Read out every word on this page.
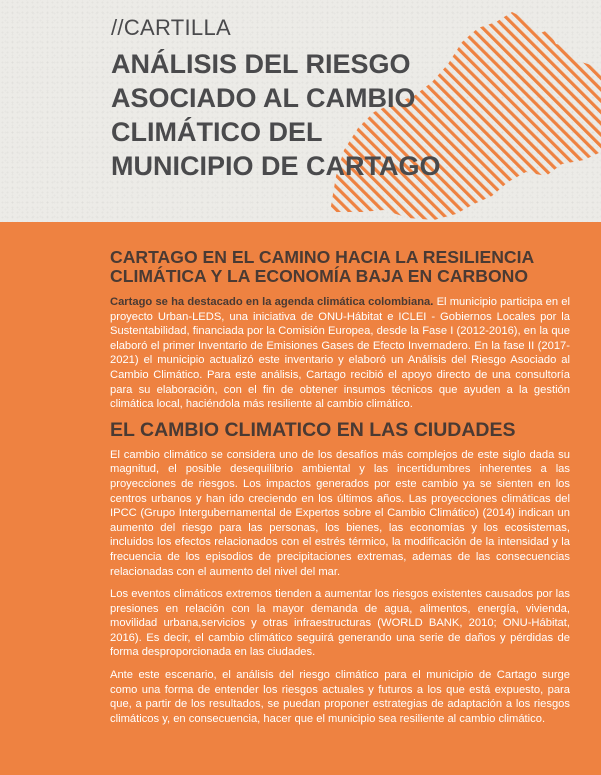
//CARTILLA
ANÁLISIS DEL RIESGO
ASOCIADO AL CAMBIO
CLIMÁTICO DEL
MUNICIPIO DE CARTAGO
CARTAGO EN EL CAMINO HACIA LA RESILIENCIA
CLIMÁTICA Y LA ECONOMÍA BAJA EN CARBONO

Cartago se ha destacado en la agenda climática colombiana. El municipio participa en el proyecto Urban-LEDS, una iniciativa de ONU-Hábitat e ICLEI - Gobiernos Locales por la Sustentabilidad, financiada por la Comisión Europea, desde la Fase I (2012-2016), en la que elaboró el primer Inventario de Emisiones Gases de Efecto Invernadero. En la fase II (2017-2021) el municipio actualizó este inventario y elaboró un Análisis del Riesgo Asociado al Cambio Climático. Para este análisis, Cartago recibió el apoyo directo de una consultoría para su elaboración, con el fin de obtener insumos técnicos que ayuden a la gestión climática local, haciéndola más resiliente al cambio climático.

EL CAMBIO CLIMATICO EN LAS CIUDADES

El cambio climático se considera uno de los desafíos más complejos de este siglo dada su magnitud, el posible desequilibrio ambiental y las incertidumbres inherentes a las proyecciones de riesgos. Los impactos generados por este cambio ya se sienten en los centros urbanos y han ido creciendo en los últimos años. Las proyecciones climáticas del IPCC (Grupo Intergubernamental de Expertos sobre el Cambio Climático) (2014) indican un aumento del riesgo para las personas, los bienes, las economías y los ecosistemas, incluidos los efectos relacionados con el estrés térmico, la modificación de la intensidad y la frecuencia de los episodios de precipitaciones extremas, ademas de las consecuencias relacionadas con el aumento del nivel del mar.

Los eventos climáticos extremos tienden a aumentar los riesgos existentes causados por las presiones en relación con la mayor demanda de agua, alimentos, energía, vivienda, movilidad urbana,servicios y otras infraestructuras (WORLD BANK, 2010; ONU-Hábitat, 2016). Es decir, el cambio climático seguirá generando una serie de daños y pérdidas de forma desproporcionada en las ciudades.

Ante este escenario, el análisis del riesgo climático para el municipio de Cartago surge como una forma de entender los riesgos actuales y futuros a los que está expuesto, para que, a partir de los resultados, se puedan proponer estrategias de adaptación a los riesgos climáticos y, en consecuencia, hacer que el municipio sea resiliente al cambio climático.
